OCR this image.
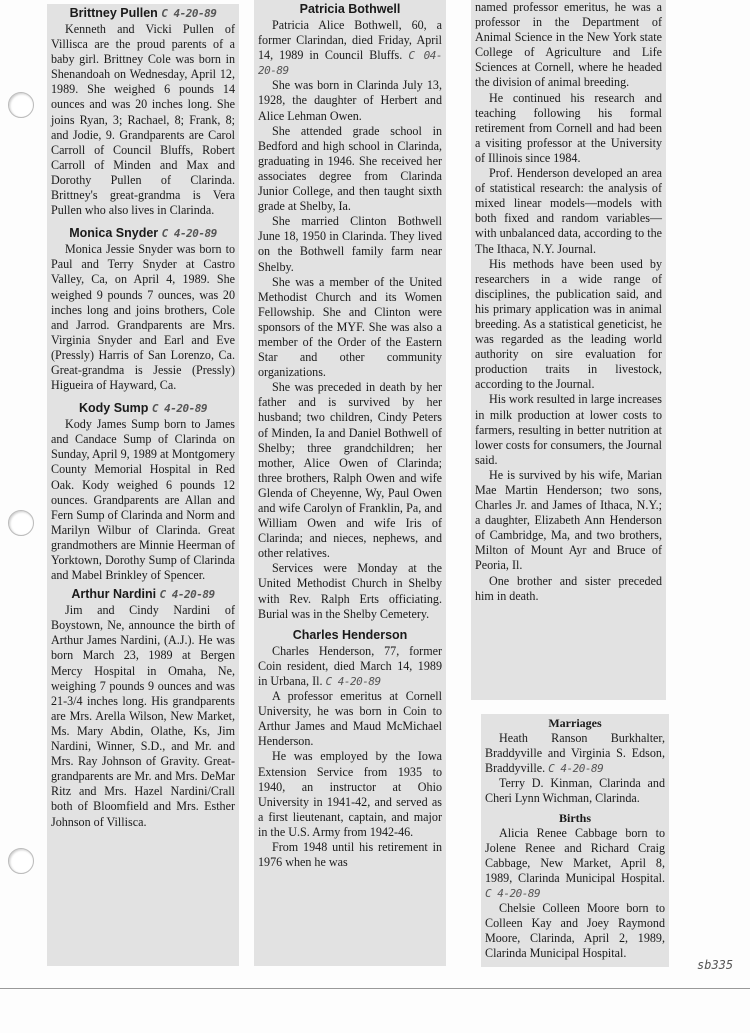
Brittney Pullen C 4-20-89

Kenneth and Vicki Pullen of Villisca are the proud parents of a baby girl. Brittney Cole was born in Shenandoah on Wednesday, April 12, 1989. She weighed 6 pounds 14 ounces and was 20 inches long. She joins Ryan, 3; Rachael, 8; Frank, 8; and Jodie, 9. Grandparents are Carol Carroll of Council Bluffs, Robert Carroll of Minden and Max and Dorothy Pullen of Clarinda. Brittney's great-grandma is Vera Pullen who also lives in Clarinda.

Monica Snyder C 4-20-89

Monica Jessie Snyder was born to Paul and Terry Snyder at Castro Valley, Ca, on April 4, 1989. She weighed 9 pounds 7 ounces, was 20 inches long and joins brothers, Cole and Jarrod. Grandparents are Mrs. Virginia Snyder and Earl and Eve (Pressly) Harris of San Lorenzo, Ca. Great-grandma is Jessie (Pressly) Higueira of Hayward, Ca.

Kody Sump C 4-20-89

Kody James Sump born to James and Candace Sump of Clarinda on Sunday, April 9, 1989 at Montgomery County Memorial Hospital in Red Oak. Kody weighed 6 pounds 12 ounces. Grandparents are Allan and Fern Sump of Clarinda and Norm and Marilyn Wilbur of Clarinda. Great grandmothers are Minnie Heerman of Yorktown, Dorothy Sump of Clarinda and Mabel Brinkley of Spencer.

Arthur Nardini C 4-20-89

Jim and Cindy Nardini of Boystown, Ne, announce the birth of Arthur James Nardini, (A.J.). He was born March 23, 1989 at Bergen Mercy Hospital in Omaha, Ne, weighing 7 pounds 9 ounces and was 21-3/4 inches long. His grandparents are Mrs. Arella Wilson, New Market, Ms. Mary Abdin, Olathe, Ks, Jim Nardini, Winner, S.D., and Mr. and Mrs. Ray Johnson of Gravity. Great-grandparents are Mr. and Mrs. DeMar Ritz and Mrs. Hazel Nardini/Crall both of Bloomfield and Mrs. Esther Johnson of Villisca.

Patricia Bothwell

Patricia Alice Bothwell, 60, a former Clarindan, died Friday, April 14, 1989 in Council Bluffs. C 04-20-89

She was born in Clarinda July 13, 1928, the daughter of Herbert and Alice Lehman Owen.

She attended grade school in Bedford and high school in Clarinda, graduating in 1946. She received her associates degree from Clarinda Junior College, and then taught sixth grade at Shelby, Ia.

She married Clinton Bothwell June 18, 1950 in Clarinda. They lived on the Bothwell family farm near Shelby.

She was a member of the United Methodist Church and its Women Fellowship. She and Clinton were sponsors of the MYF. She was also a member of the Order of the Eastern Star and other community organizations.

She was preceded in death by her father and is survived by her husband; two children, Cindy Peters of Minden, Ia and Daniel Bothwell of Shelby; three grandchildren; her mother, Alice Owen of Clarinda; three brothers, Ralph Owen and wife Glenda of Cheyenne, Wy, Paul Owen and wife Carolyn of Franklin, Pa, and William Owen and wife Iris of Clarinda; and nieces, nephews, and other relatives.

Services were Monday at the United Methodist Church in Shelby with Rev. Ralph Erts officiating. Burial was in the Shelby Cemetery.

Charles Henderson

Charles Henderson, 77, former Coin resident, died March 14, 1989 in Urbana, Il. C 4-20-89

A professor emeritus at Cornell University, he was born in Coin to Arthur James and Maud McMichael Henderson.

He was employed by the Iowa Extension Service from 1935 to 1940, an instructor at Ohio University in 1941-42, and served as a first lieutenant, captain, and major in the U.S. Army from 1942-46.

From 1948 until his retirement in 1976 when he was

named professor emeritus, he was a professor in the Department of Animal Science in the New York state College of Agriculture and Life Sciences at Cornell, where he headed the division of animal breeding.

He continued his research and teaching following his formal retirement from Cornell and had been a visiting professor at the University of Illinois since 1984.

Prof. Henderson developed an area of statistical research: the analysis of mixed linear models—models with both fixed and random variables—with unbalanced data, according to the The Ithaca, N.Y. Journal.

His methods have been used by researchers in a wide range of disciplines, the publication said, and his primary application was in animal breeding. As a statistical geneticist, he was regarded as the leading world authority on sire evaluation for production traits in livestock, according to the Journal.

His work resulted in large increases in milk production at lower costs to farmers, resulting in better nutrition at lower costs for consumers, the Journal said.

He is survived by his wife, Marian Mae Martin Henderson; two sons, Charles Jr. and James of Ithaca, N.Y.; a daughter, Elizabeth Ann Henderson of Cambridge, Ma, and two brothers, Milton of Mount Ayr and Bruce of Peoria, Il.

One brother and sister preceded him in death.

Marriages

Heath Ranson Burkhalter, Braddyville and Virginia S. Edson, Braddyville. C 4-20-89

Terry D. Kinman, Clarinda and Cheri Lynn Wichman, Clarinda.

Births

Alicia Renee Cabbage born to Jolene Renee and Richard Craig Cabbage, New Market, April 8, 1989, Clarinda Municipal Hospital. C 4-20-89

Chelsie Colleen Moore born to Colleen Kay and Joey Raymond Moore, Clarinda, April 2, 1989, Clarinda Municipal Hospital.

sb335
